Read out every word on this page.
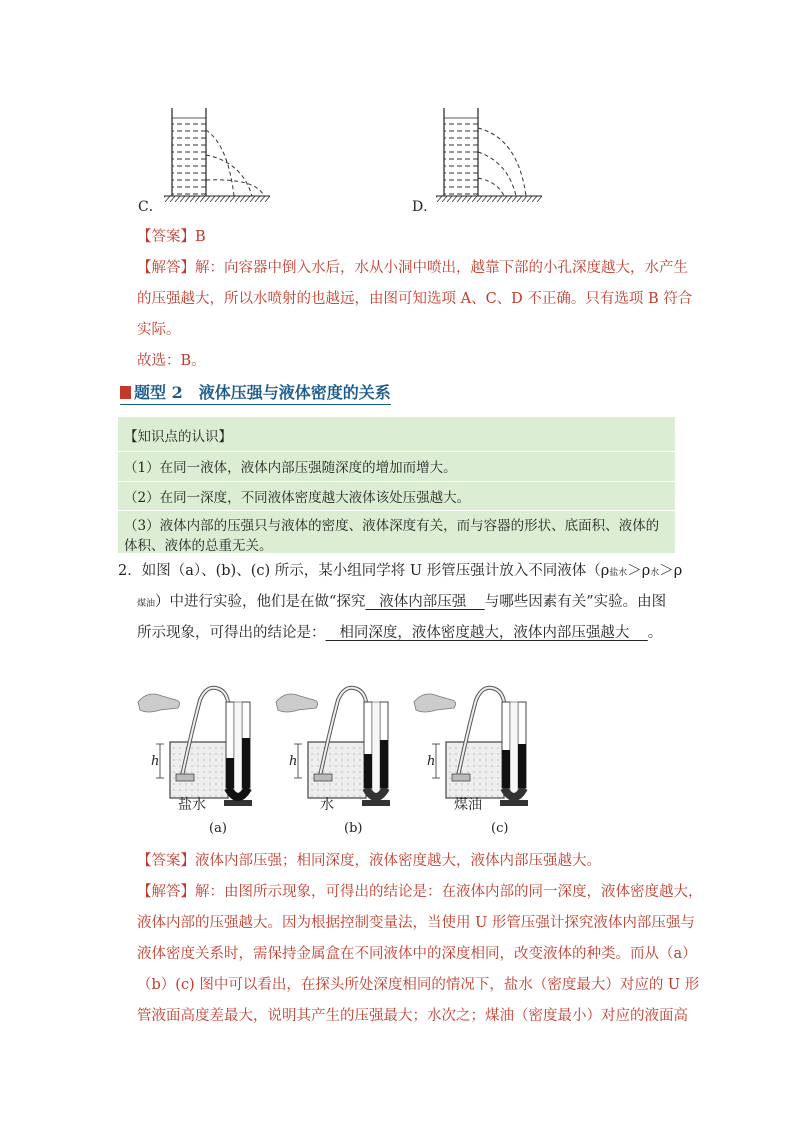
C．	D．
【答案】B
【解答】解：向容器中倒入水后，水从小洞中喷出，越靠下部的小孔深度越大，水产生
的压强越大，所以水喷射的也越远，由图可知选项 A、C、D 不正确。只有选项 B 符合
实际。
故选：B。
题型 2　液体压强与液体密度的关系
【知识点的认识】
（1）在同一液体，液体内部压强随深度的增加而增大。
（2）在同一深度，不同液体密度越大液体该处压强越大。
（3）液体内部的压强只与液体的密度、液体深度有关，而与容器的形状、底面积、液体的
体积、液体的总重无关。
2．如图（a）、(b)、(c) 所示，某小组同学将 U 形管压强计放入不同液体（ρ盐水＞ρ水＞ρ
煤油）中进行实验，他们是在做“探究   液体内部压强    与哪些因素有关”实验。由图
所示现象，可得出的结论是：   相同深度，液体密度越大，液体内部压强越大    。
h	h	h
盐水	水	煤油
(a)	(b)	(c)
【答案】液体内部压强；相同深度，液体密度越大，液体内部压强越大。
【解答】解：由图所示现象，可得出的结论是：在液体内部的同一深度，液体密度越大，
液体内部的压强越大。因为根据控制变量法，当使用 U 形管压强计探究液体内部压强与
液体密度关系时，需保持金属盒在不同液体中的深度相同，改变液体的种类。而从（a）
（b）(c) 图中可以看出，在探头所处深度相同的情况下，盐水（密度最大）对应的 U 形
管液面高度差最大，说明其产生的压强最大；水次之；煤油（密度最小）对应的液面高
